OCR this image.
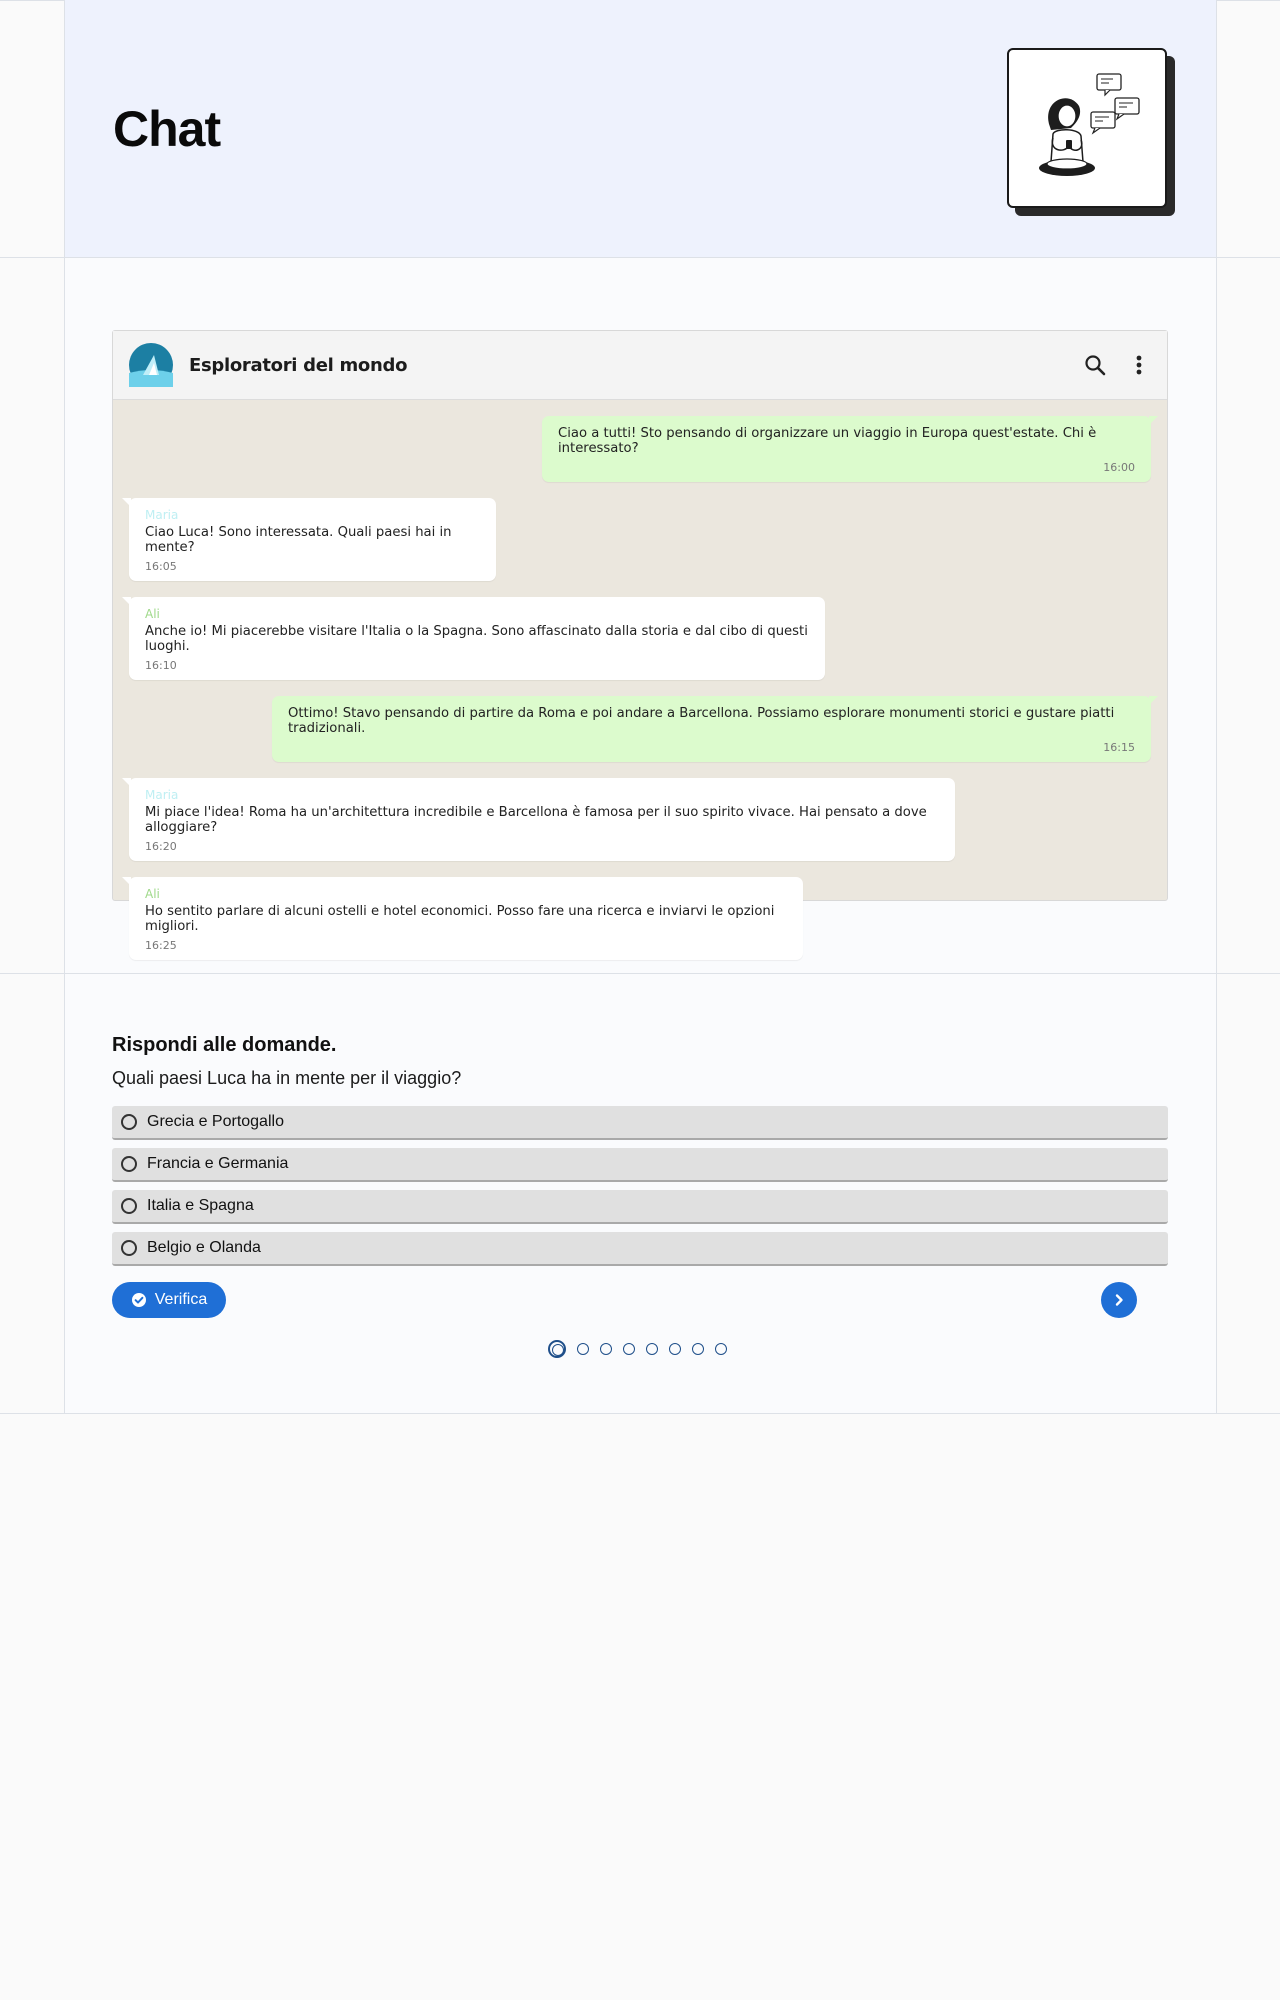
Chat
Esploratori del mondo
Ciao a tutti! Sto pensando di organizzare un viaggio in Europa quest'estate. Chi è interessato?
16:00
Maria
Ciao Luca! Sono interessata. Quali paesi hai in mente?
16:05
Ali
Anche io! Mi piacerebbe visitare l'Italia o la Spagna. Sono affascinato dalla storia e dal cibo di questi luoghi.
16:10
Ottimo! Stavo pensando di partire da Roma e poi andare a Barcellona. Possiamo esplorare monumenti storici e gustare piatti tradizionali.
16:15
Maria
Mi piace l'idea! Roma ha un'architettura incredibile e Barcellona è famosa per il suo spirito vivace. Hai pensato a dove alloggiare?
16:20
Ali
Ho sentito parlare di alcuni ostelli e hotel economici. Posso fare una ricerca e inviarvi le opzioni migliori.
16:25
Rispondi alle domande.
Quali paesi Luca ha in mente per il viaggio?
Grecia e Portogallo
Francia e Germania
Italia e Spagna
Belgio e Olanda
Verifica
